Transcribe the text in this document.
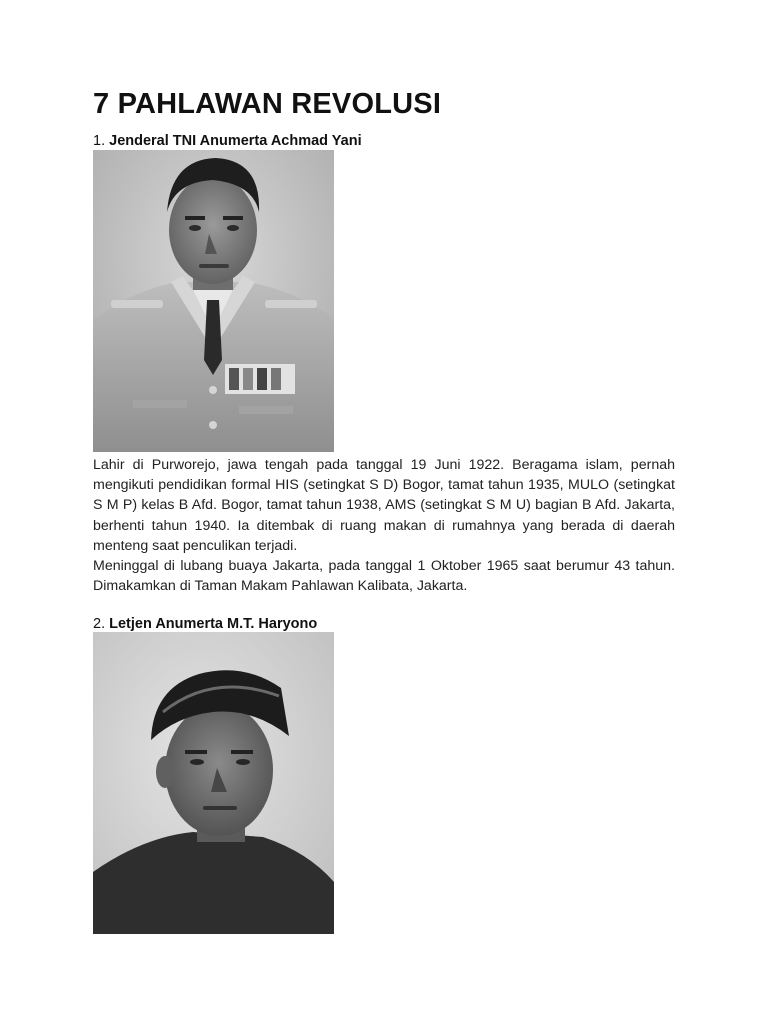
7 PAHLAWAN REVOLUSI
1. Jenderal TNI Anumerta Achmad Yani

Lahir di Purworejo, jawa tengah pada tanggal 19 Juni 1922. Beragama islam, pernah mengikuti pendidikan formal HIS (setingkat S D) Bogor, tamat tahun 1935, MULO (setingkat S M P) kelas B Afd. Bogor, tamat tahun 1938, AMS (setingkat S M U) bagian B Afd. Jakarta, berhenti tahun 1940. Ia ditembak di ruang makan di rumahnya yang berada di daerah menteng saat penculikan terjadi.

Meninggal di lubang buaya Jakarta, pada tanggal 1 Oktober 1965 saat berumur 43 tahun. Dimakamkan di Taman Makam Pahlawan Kalibata, Jakarta.

2. Letjen Anumerta M.T. Haryono
